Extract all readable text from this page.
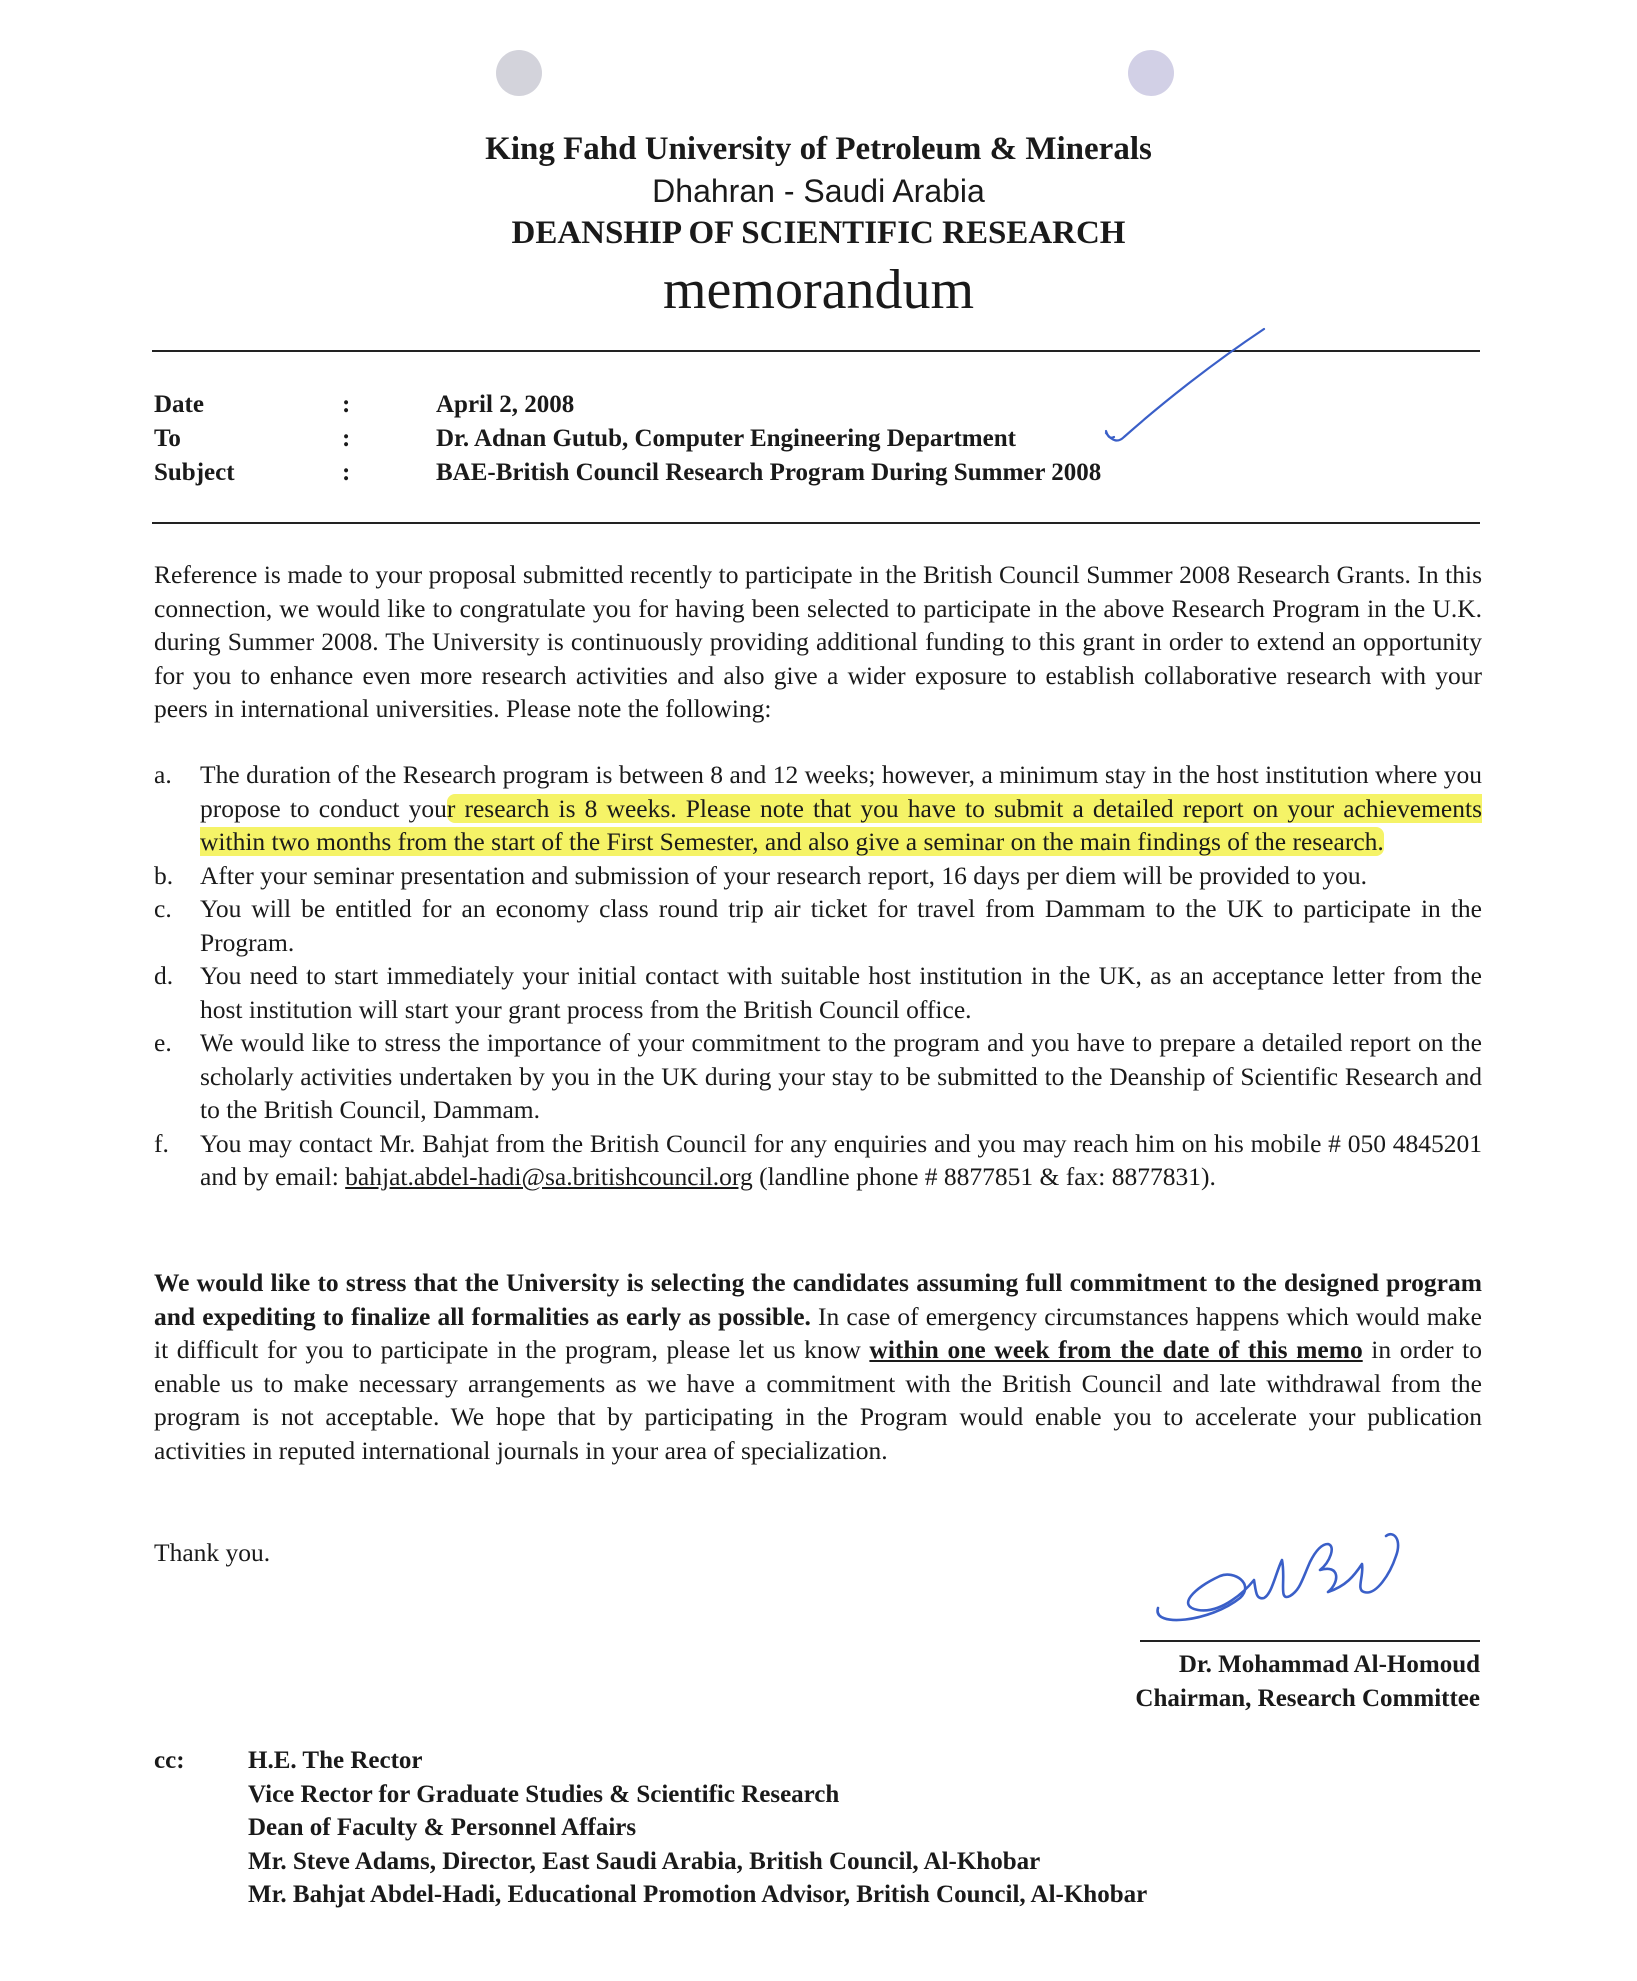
King Fahd University of Petroleum & Minerals
Dhahran - Saudi Arabia
DEANSHIP OF SCIENTIFIC RESEARCH
memorandum
Date	:	April 2, 2008
To	:	Dr. Adnan Gutub, Computer Engineering Department
Subject	:	BAE-British Council Research Program During Summer 2008
Reference is made to your proposal submitted recently to participate in the British Council Summer 2008 Research Grants. In this connection, we would like to congratulate you for having been selected to participate in the above Research Program in the U.K. during Summer 2008. The University is continuously providing additional funding to this grant in order to extend an opportunity for you to enhance even more research activities and also give a wider exposure to establish collaborative research with your peers in international universities. Please note the following:
a. The duration of the Research program is between 8 and 12 weeks; however, a minimum stay in the host institution where you propose to conduct your research is 8 weeks. Please note that you have to submit a detailed report on your achievements within two months from the start of the First Semester, and also give a seminar on the main findings of the research.
b. After your seminar presentation and submission of your research report, 16 days per diem will be provided to you.
c. You will be entitled for an economy class round trip air ticket for travel from Dammam to the UK to participate in the Program.
d. You need to start immediately your initial contact with suitable host institution in the UK, as an acceptance letter from the host institution will start your grant process from the British Council office.
e. We would like to stress the importance of your commitment to the program and you have to prepare a detailed report on the scholarly activities undertaken by you in the UK during your stay to be submitted to the Deanship of Scientific Research and to the British Council, Dammam.
f. You may contact Mr. Bahjat from the British Council for any enquiries and you may reach him on his mobile # 050 4845201 and by email: bahjat.abdel-hadi@sa.britishcouncil.org (landline phone # 8877851 & fax: 8877831).
We would like to stress that the University is selecting the candidates assuming full commitment to the designed program and expediting to finalize all formalities as early as possible. In case of emergency circumstances happens which would make it difficult for you to participate in the program, please let us know within one week from the date of this memo in order to enable us to make necessary arrangements as we have a commitment with the British Council and late withdrawal from the program is not acceptable. We hope that by participating in the Program would enable you to accelerate your publication activities in reputed international journals in your area of specialization.
Thank you.
Dr. Mohammad Al-Homoud
Chairman, Research Committee
cc:	H.E. The Rector
Vice Rector for Graduate Studies & Scientific Research
Dean of Faculty & Personnel Affairs
Mr. Steve Adams, Director, East Saudi Arabia, British Council, Al-Khobar
Mr. Bahjat Abdel-Hadi, Educational Promotion Advisor, British Council, Al-Khobar
